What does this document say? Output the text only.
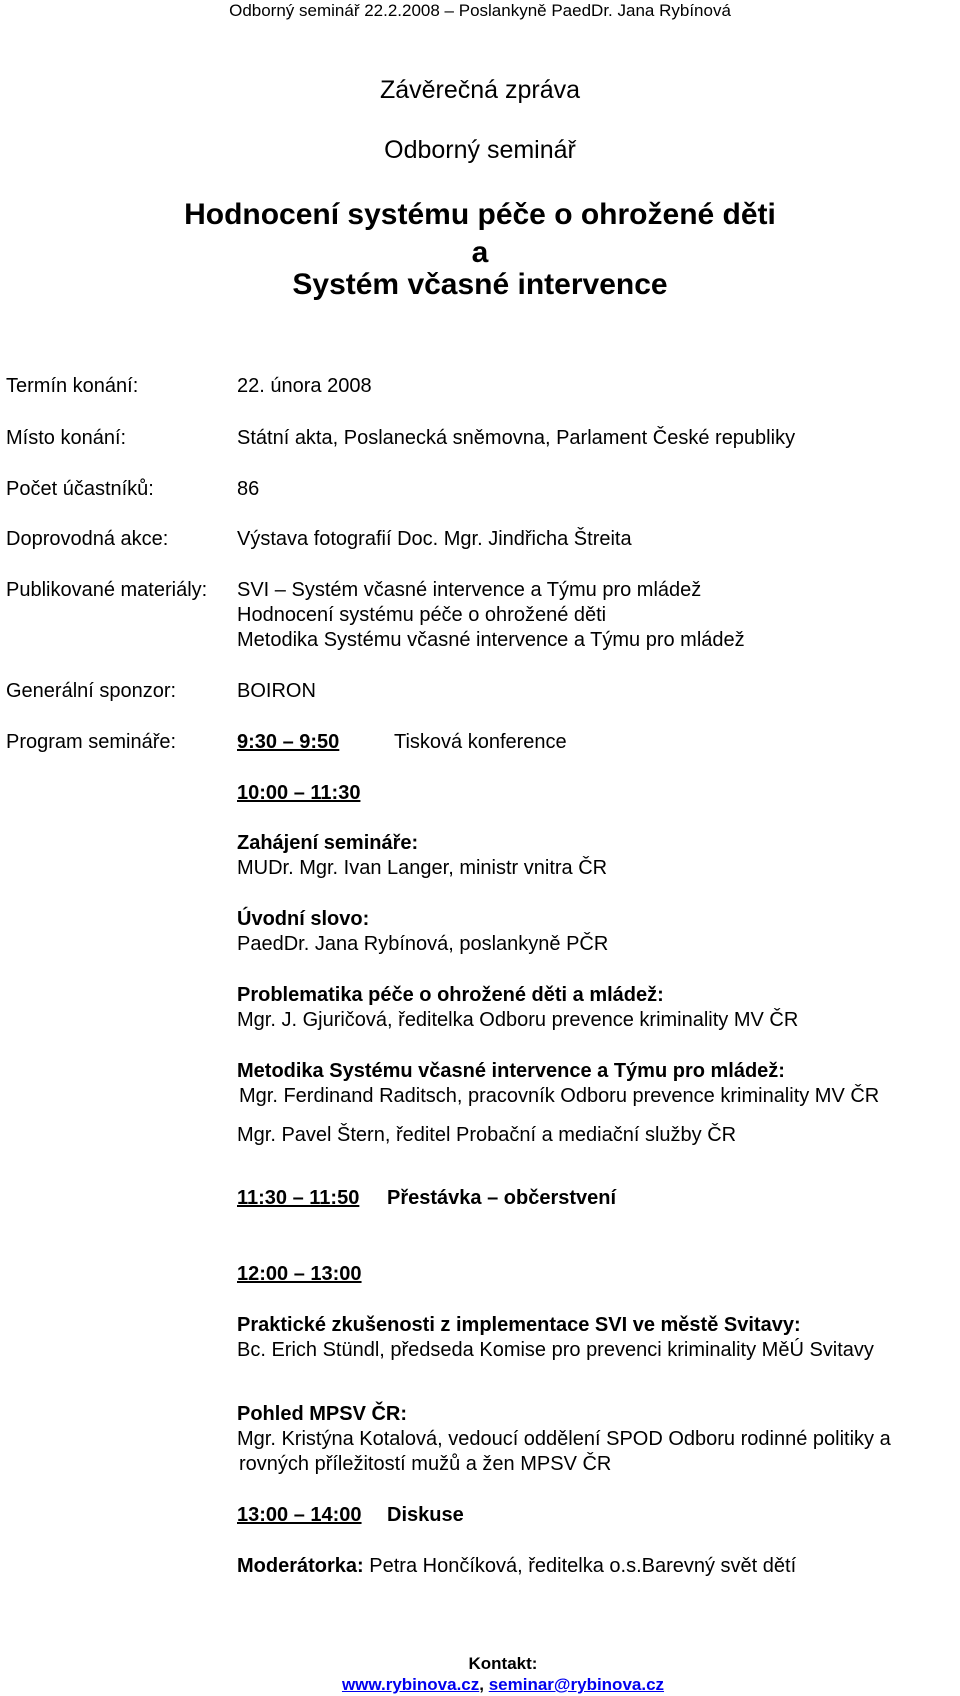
Odborný seminář 22.2.2008 – Poslankyně PaedDr. Jana Rybínová
Závěrečná zpráva
Odborný seminář
Hodnocení systému péče o ohrožené děti
a
Systém včasné intervence
Termín konání:	22. února 2008
Místo konání:	Státní akta, Poslanecká sněmovna, Parlament České republiky
Počet účastníků:	86
Doprovodná akce:	Výstava fotografií Doc. Mgr. Jindřicha Štreita
Publikované materiály: SVI – Systém včasné intervence a Týmu pro mládež
Hodnocení systému péče o ohrožené děti
Metodika Systému včasné intervence a Týmu pro mládež
Generální sponzor:	BOIRON
Program semináře:	9:30 – 9:50	Tisková konference
10:00 – 11:30
Zahájení semináře:
MUDr. Mgr. Ivan Langer, ministr vnitra ČR
Úvodní slovo:
PaedDr. Jana Rybínová, poslankyně PČR
Problematika péče o ohrožené děti a mládež:
Mgr. J. Gjuričová, ředitelka Odboru prevence kriminality MV ČR
Metodika Systému včasné intervence a Týmu pro mládež:
Mgr. Ferdinand Raditsch, pracovník Odboru prevence kriminality MV ČR
Mgr. Pavel Štern, ředitel Probační a mediační služby ČR
11:30 – 11:50 Přestávka – občerstvení
12:00 – 13:00
Praktické zkušenosti z implementace SVI ve městě Svitavy:
Bc. Erich Stündl, předseda Komise pro prevenci kriminality MěÚ Svitavy
Pohled MPSV ČR:
Mgr. Kristýna Kotalová, vedoucí oddělení SPOD Odboru rodinné politiky a
rovných příležitostí mužů a žen MPSV ČR
13:00 – 14:00 Diskuse
Moderátorka: Petra Hončíková, ředitelka o.s.Barevný svět dětí
Kontakt:
www.rybinova.cz, seminar@rybinova.cz
